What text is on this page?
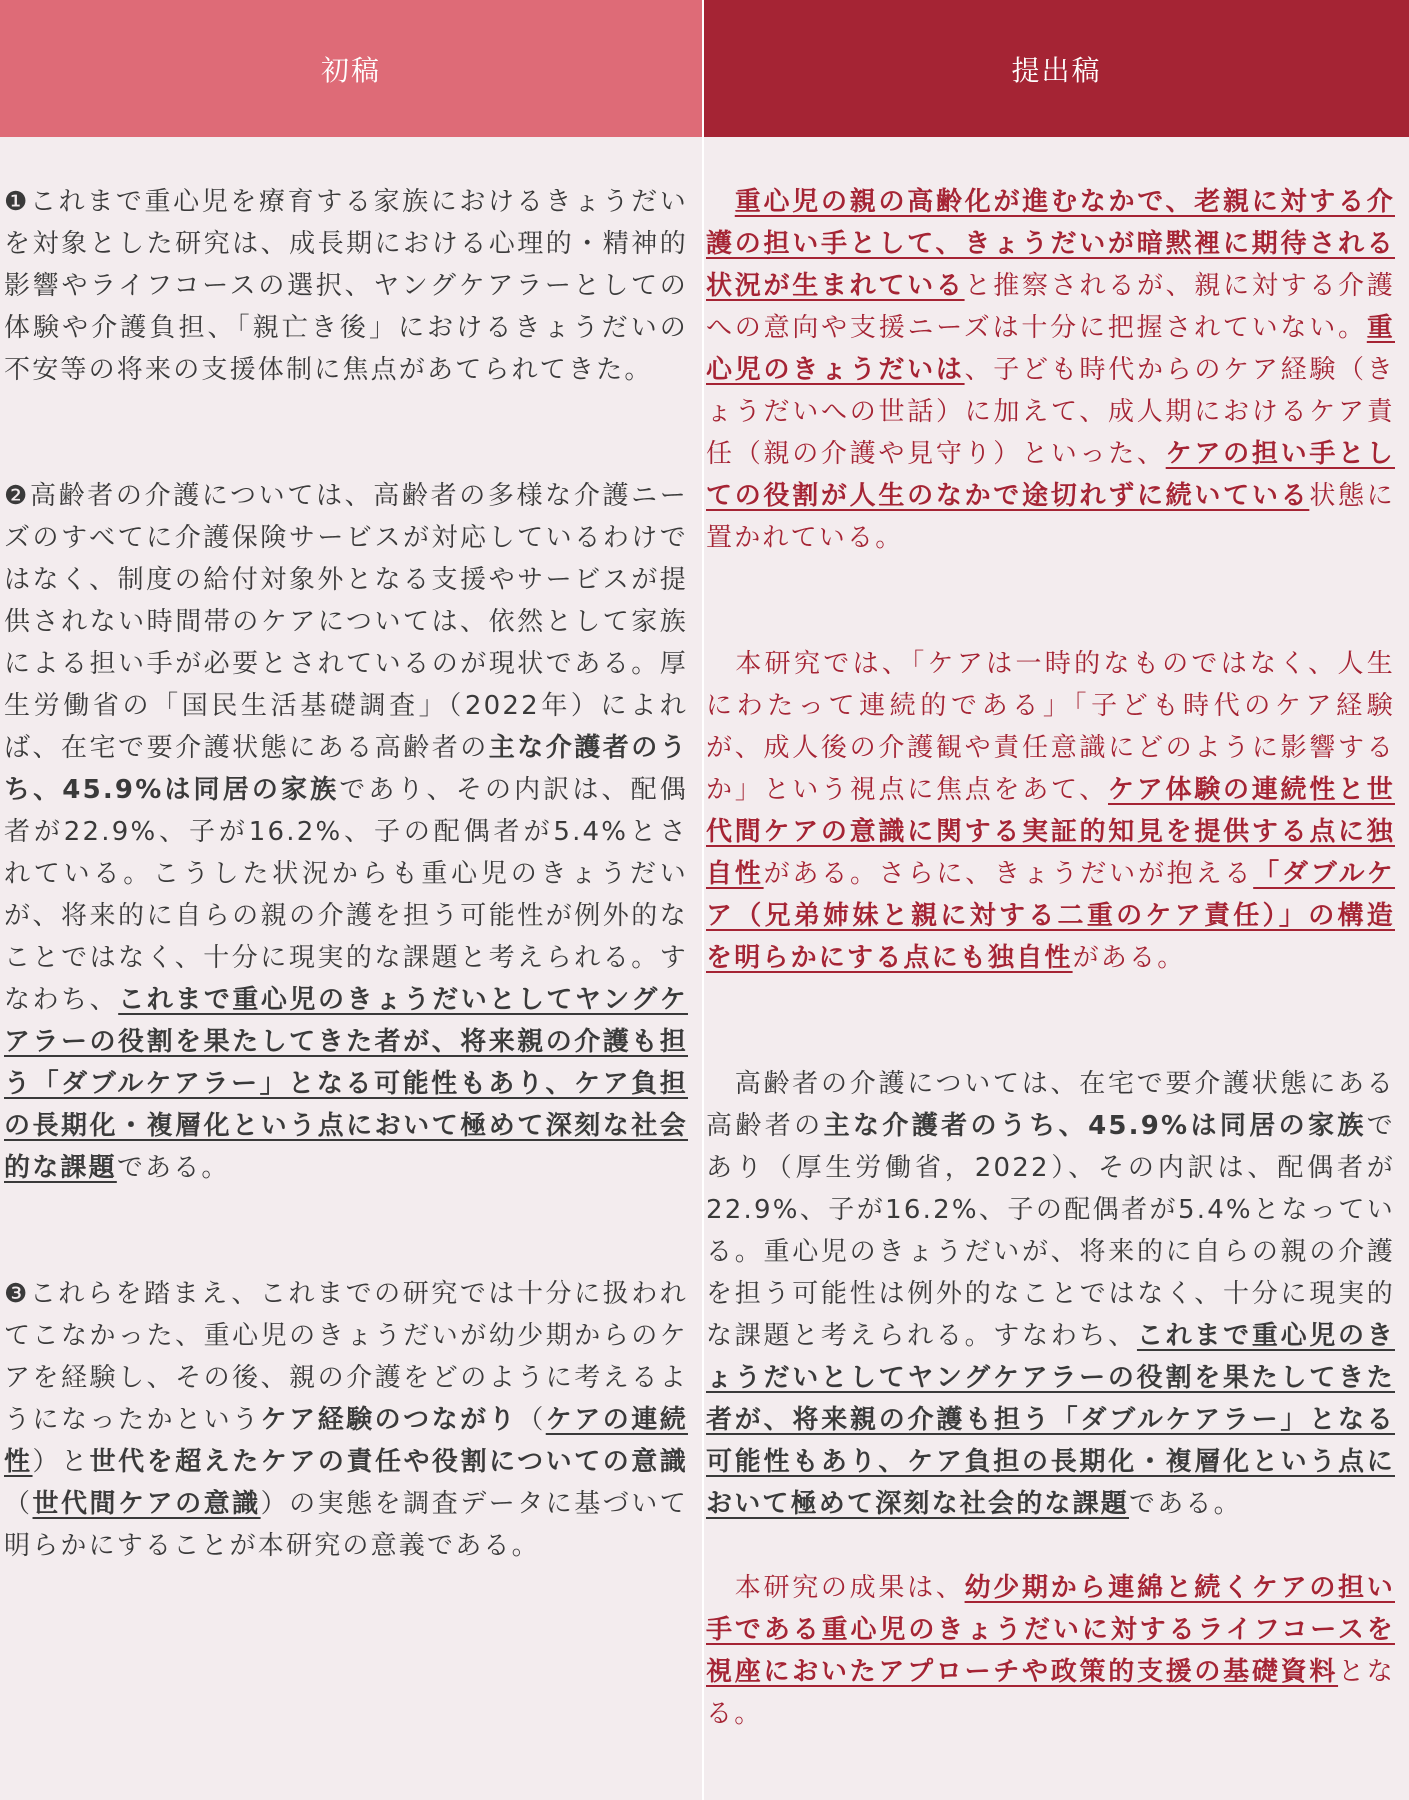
初稿

❶これまで重心児を療育する家族におけるきょうだいを対象とした研究は、成長期における心理的・精神的影響やライフコースの選択、ヤングケアラーとしての体験や介護負担、「親亡き後」におけるきょうだいの不安等の将来の支援体制に焦点があてられてきた。

❷高齢者の介護については、高齢者の多様な介護ニーズのすべてに介護保険サービスが対応しているわけではなく、制度の給付対象外となる支援やサービスが提供されない時間帯のケアについては、依然として家族による担い手が必要とされているのが現状である。厚生労働省の「国民生活基礎調査」（2022年）によれば、在宅で要介護状態にある高齢者の主な介護者のうち、45.9%は同居の家族であり、その内訳は、配偶者が22.9%、子が16.2%、子の配偶者が5.4%とされている。こうした状況からも重心児のきょうだいが、将来的に自らの親の介護を担う可能性が例外的なことではなく、十分に現実的な課題と考えられる。すなわち、これまで重心児のきょうだいとしてヤングケアラーの役割を果たしてきた者が、将来親の介護も担う「ダブルケアラー」となる可能性もあり、ケア負担の長期化・複層化という点において極めて深刻な社会的な課題である。

❸これらを踏まえ、これまでの研究では十分に扱われてこなかった、重心児のきょうだいが幼少期からのケアを経験し、その後、親の介護をどのように考えるようになったかというケア経験のつながり（ケアの連続性）と世代を超えたケアの責任や役割についての意識（世代間ケアの意識）の実態を調査データに基づいて明らかにすることが本研究の意義である。

提出稿

　重心児の親の高齢化が進むなかで、老親に対する介護の担い手として、きょうだいが暗黙裡に期待される状況が生まれていると推察されるが、親に対する介護への意向や支援ニーズは十分に把握されていない。重心児のきょうだいは、子ども時代からのケア経験（きょうだいへの世話）に加えて、成人期におけるケア責任（親の介護や見守り）といった、ケアの担い手としての役割が人生のなかで途切れずに続いている状態に置かれている。

　本研究では、「ケアは一時的なものではなく、人生にわたって連続的である」「子ども時代のケア経験が、成人後の介護観や責任意識にどのように影響するか」という視点に焦点をあて、ケア体験の連続性と世代間ケアの意識に関する実証的知見を提供する点に独自性がある。さらに、きょうだいが抱える「ダブルケア（兄弟姉妹と親に対する二重のケア責任）」の構造を明らかにする点にも独自性がある。

　高齢者の介護については、在宅で要介護状態にある高齢者の主な介護者のうち、45.9%は同居の家族であり（厚生労働省，2022）、その内訳は、配偶者が22.9%、子が16.2%、子の配偶者が5.4%となっている。重心児のきょうだいが、将来的に自らの親の介護を担う可能性は例外的なことではなく、十分に現実的な課題と考えられる。すなわち、これまで重心児のきょうだいとしてヤングケアラーの役割を果たしてきた者が、将来親の介護も担う「ダブルケアラー」となる可能性もあり、ケア負担の長期化・複層化という点において極めて深刻な社会的な課題である。

　本研究の成果は、幼少期から連綿と続くケアの担い手である重心児のきょうだいに対するライフコースを視座においたアプローチや政策的支援の基礎資料となる。
